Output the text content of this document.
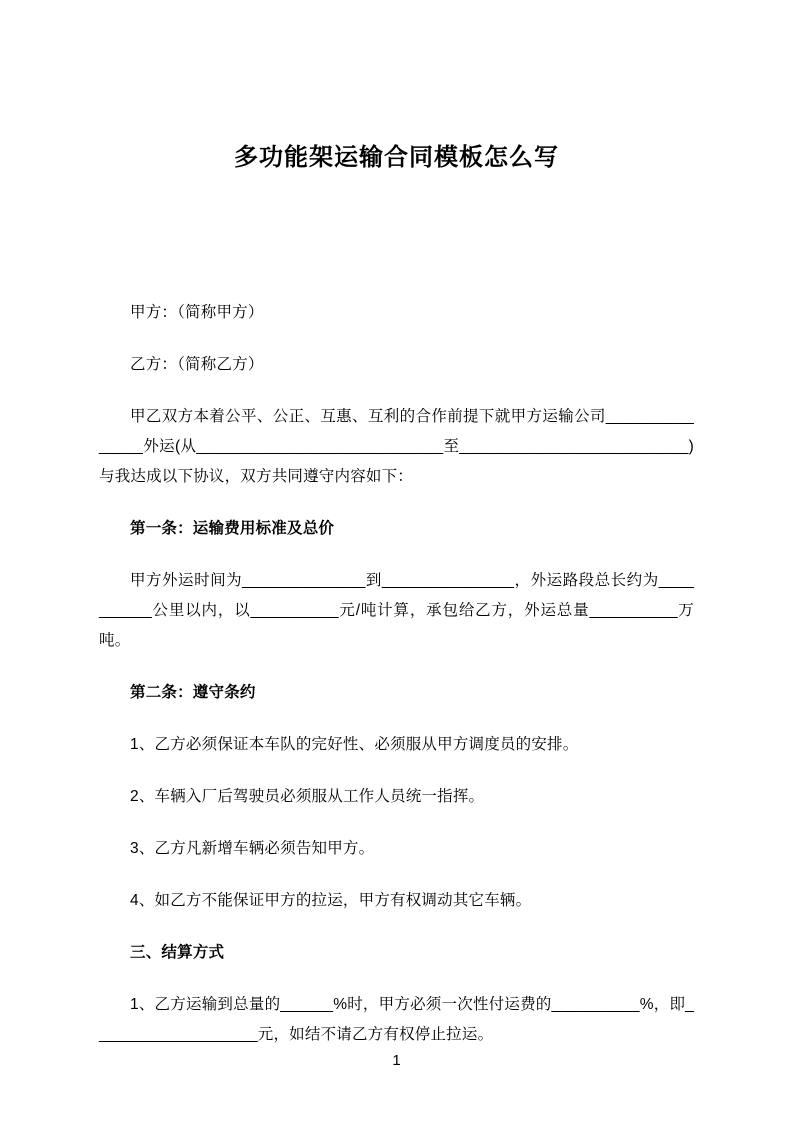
多功能架运输合同模板怎么写

甲方：（简称甲方）

乙方：（简称乙方）

甲乙双方本着公平、公正、互惠、互利的合作前提下就甲方运输公司_______________外运(从____________________________至__________________________)与我达成以下协议，双方共同遵守内容如下：

第一条：运输费用标准及总价

甲方外运时间为______________到_______________，外运路段总长约为__________公里以内，以__________元/吨计算，承包给乙方，外运总量__________万吨。

第二条：遵守条约

1、乙方必须保证本车队的完好性、必须服从甲方调度员的安排。

2、车辆入厂后驾驶员必须服从工作人员统一指挥。

3、乙方凡新增车辆必须告知甲方。

4、如乙方不能保证甲方的拉运，甲方有权调动其它车辆。

三、结算方式

1、乙方运输到总量的______%时，甲方必须一次性付运费的__________%，即___________________元，如结不请乙方有权停止拉运。

1
